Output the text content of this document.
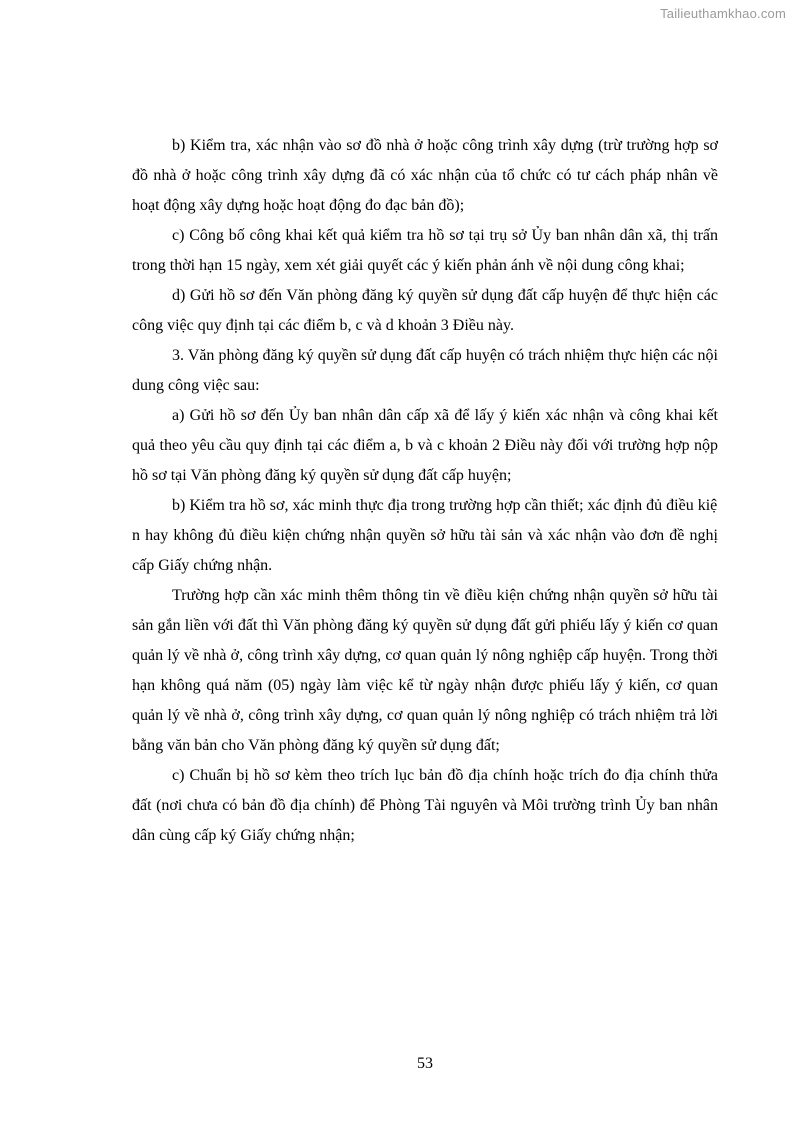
Tailieuthamkhao.com

b) Kiểm tra, xác nhận vào sơ đồ nhà ở hoặc công trình xây dựng (trừ trường hợp sơ đồ nhà ở hoặc công trình xây dựng đã có xác nhận của tổ chức có tư cách pháp nhân về hoạt động xây dựng hoặc hoạt động đo đạc bản đồ);

c) Công bố công khai kết quả kiểm tra hồ sơ tại trụ sở Ủy ban nhân dân xã, thị trấn trong thời hạn 15 ngày, xem xét giải quyết các ý kiến phản ánh về nội dung công khai;

d) Gửi hồ sơ đến Văn phòng đăng ký quyền sử dụng đất cấp huyện để thực hiện các công việc quy định tại các điểm b, c và d khoản 3 Điều này.

3. Văn phòng đăng ký quyền sử dụng đất cấp huyện có trách nhiệm thực hiện các nội dung công việc sau:

a) Gửi hồ sơ đến Ủy ban nhân dân cấp xã để lấy ý kiến xác nhận và công khai kết quả theo yêu cầu quy định tại các điểm a, b và c khoản 2 Điều này đối với trường hợp nộp hồ sơ tại Văn phòng đăng ký quyền sử dụng đất cấp huyện;

b) Kiểm tra hồ sơ, xác minh thực địa trong trường hợp cần thiết; xác định đủ điều kiệ

n hay không đủ điều kiện chứng nhận quyền sở hữu tài sản và xác nhận vào đơn đề nghị cấp Giấy chứng nhận.

Trường hợp cần xác minh thêm thông tin về điều kiện chứng nhận quyền sở hữu tài sản gắn liền với đất thì Văn phòng đăng ký quyền sử dụng đất gửi phiếu lấy ý kiến cơ quan quản lý về nhà ở, công trình xây dựng, cơ quan quản lý nông nghiệp cấp huyện. Trong thời hạn không quá năm (05) ngày làm việc kể từ ngày nhận được phiếu lấy ý kiến, cơ quan quản lý về nhà ở, công trình xây dựng, cơ quan quản lý nông nghiệp có trách nhiệm trả lời bằng văn bản cho Văn phòng đăng ký quyền sử dụng đất;

c) Chuẩn bị hồ sơ kèm theo trích lục bản đồ địa chính hoặc trích đo địa chính thửa đất (nơi chưa có bản đồ địa chính) để Phòng Tài nguyên và Môi trường trình Ủy ban nhân dân cùng cấp ký Giấy chứng nhận;

53
